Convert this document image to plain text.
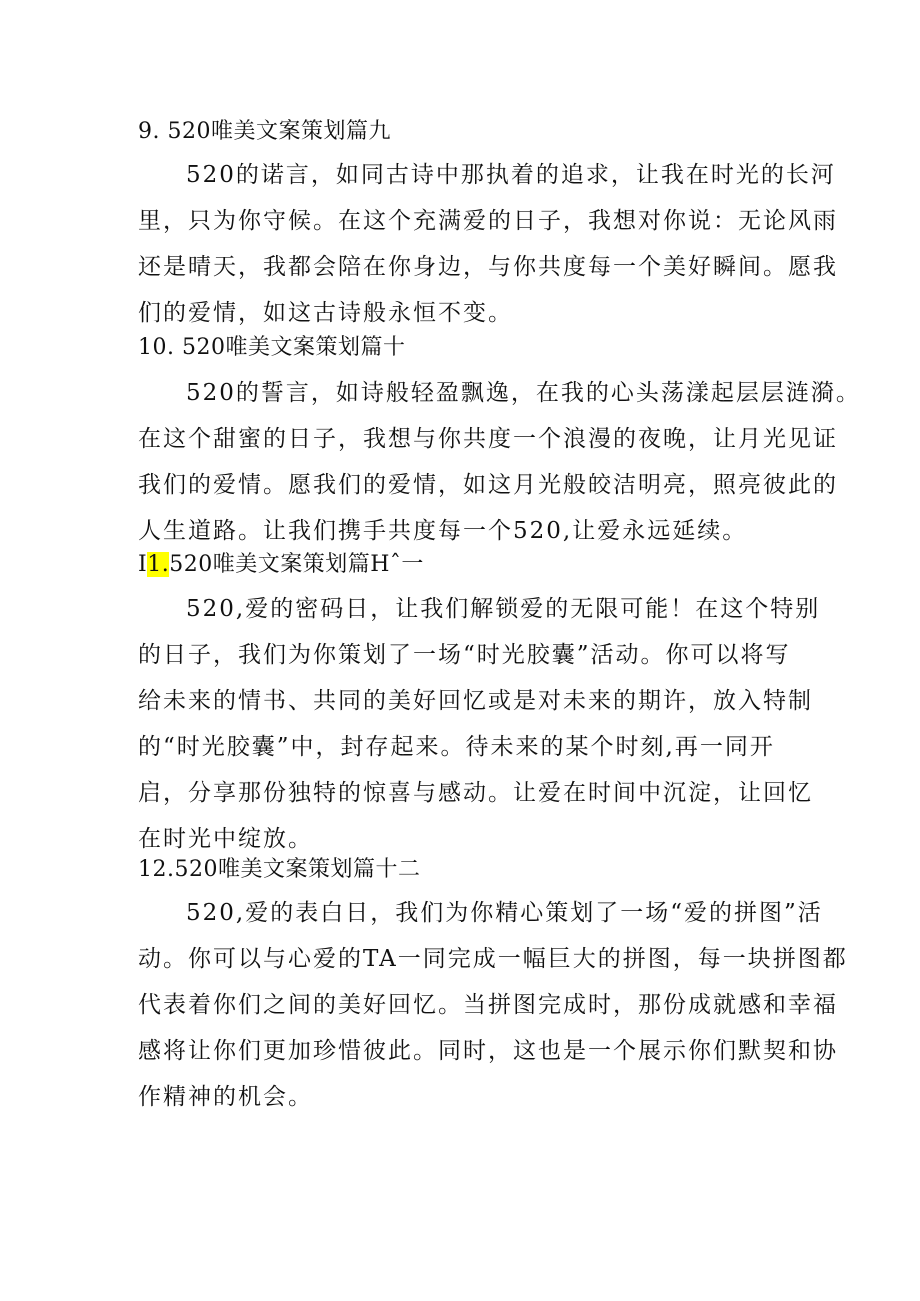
9. 520唯美文案策划篇九
520的诺言，如同古诗中那执着的追求，让我在时光的长河
里，只为你守候。在这个充满爱的日子，我想对你说：无论风雨
还是晴天，我都会陪在你身边，与你共度每一个美好瞬间。愿我
们的爱情，如这古诗般永恒不变。
10. 520唯美文案策划篇十
520的誓言，如诗般轻盈飘逸，在我的心头荡漾起层层涟漪。
在这个甜蜜的日子，我想与你共度一个浪漫的夜晚，让月光见证
我们的爱情。愿我们的爱情，如这月光般皎洁明亮，照亮彼此的
人生道路。让我们携手共度每一个520,让爱永远延续。
I1.520唯美文案策划篇Hˆ一
520,爱的密码日，让我们解锁爱的无限可能！在这个特别
的日子，我们为你策划了一场“时光胶囊”活动。你可以将写
给未来的情书、共同的美好回忆或是对未来的期许，放入特制
的“时光胶囊”中，封存起来。待未来的某个时刻,再一同开
启，分享那份独特的惊喜与感动。让爱在时间中沉淀，让回忆
在时光中绽放。
12.520唯美文案策划篇十二
520,爱的表白日，我们为你精心策划了一场“爱的拼图”活
动。你可以与心爱的TA一同完成一幅巨大的拼图，每一块拼图都
代表着你们之间的美好回忆。当拼图完成时，那份成就感和幸福
感将让你们更加珍惜彼此。同时，这也是一个展示你们默契和协
作精神的机会。
